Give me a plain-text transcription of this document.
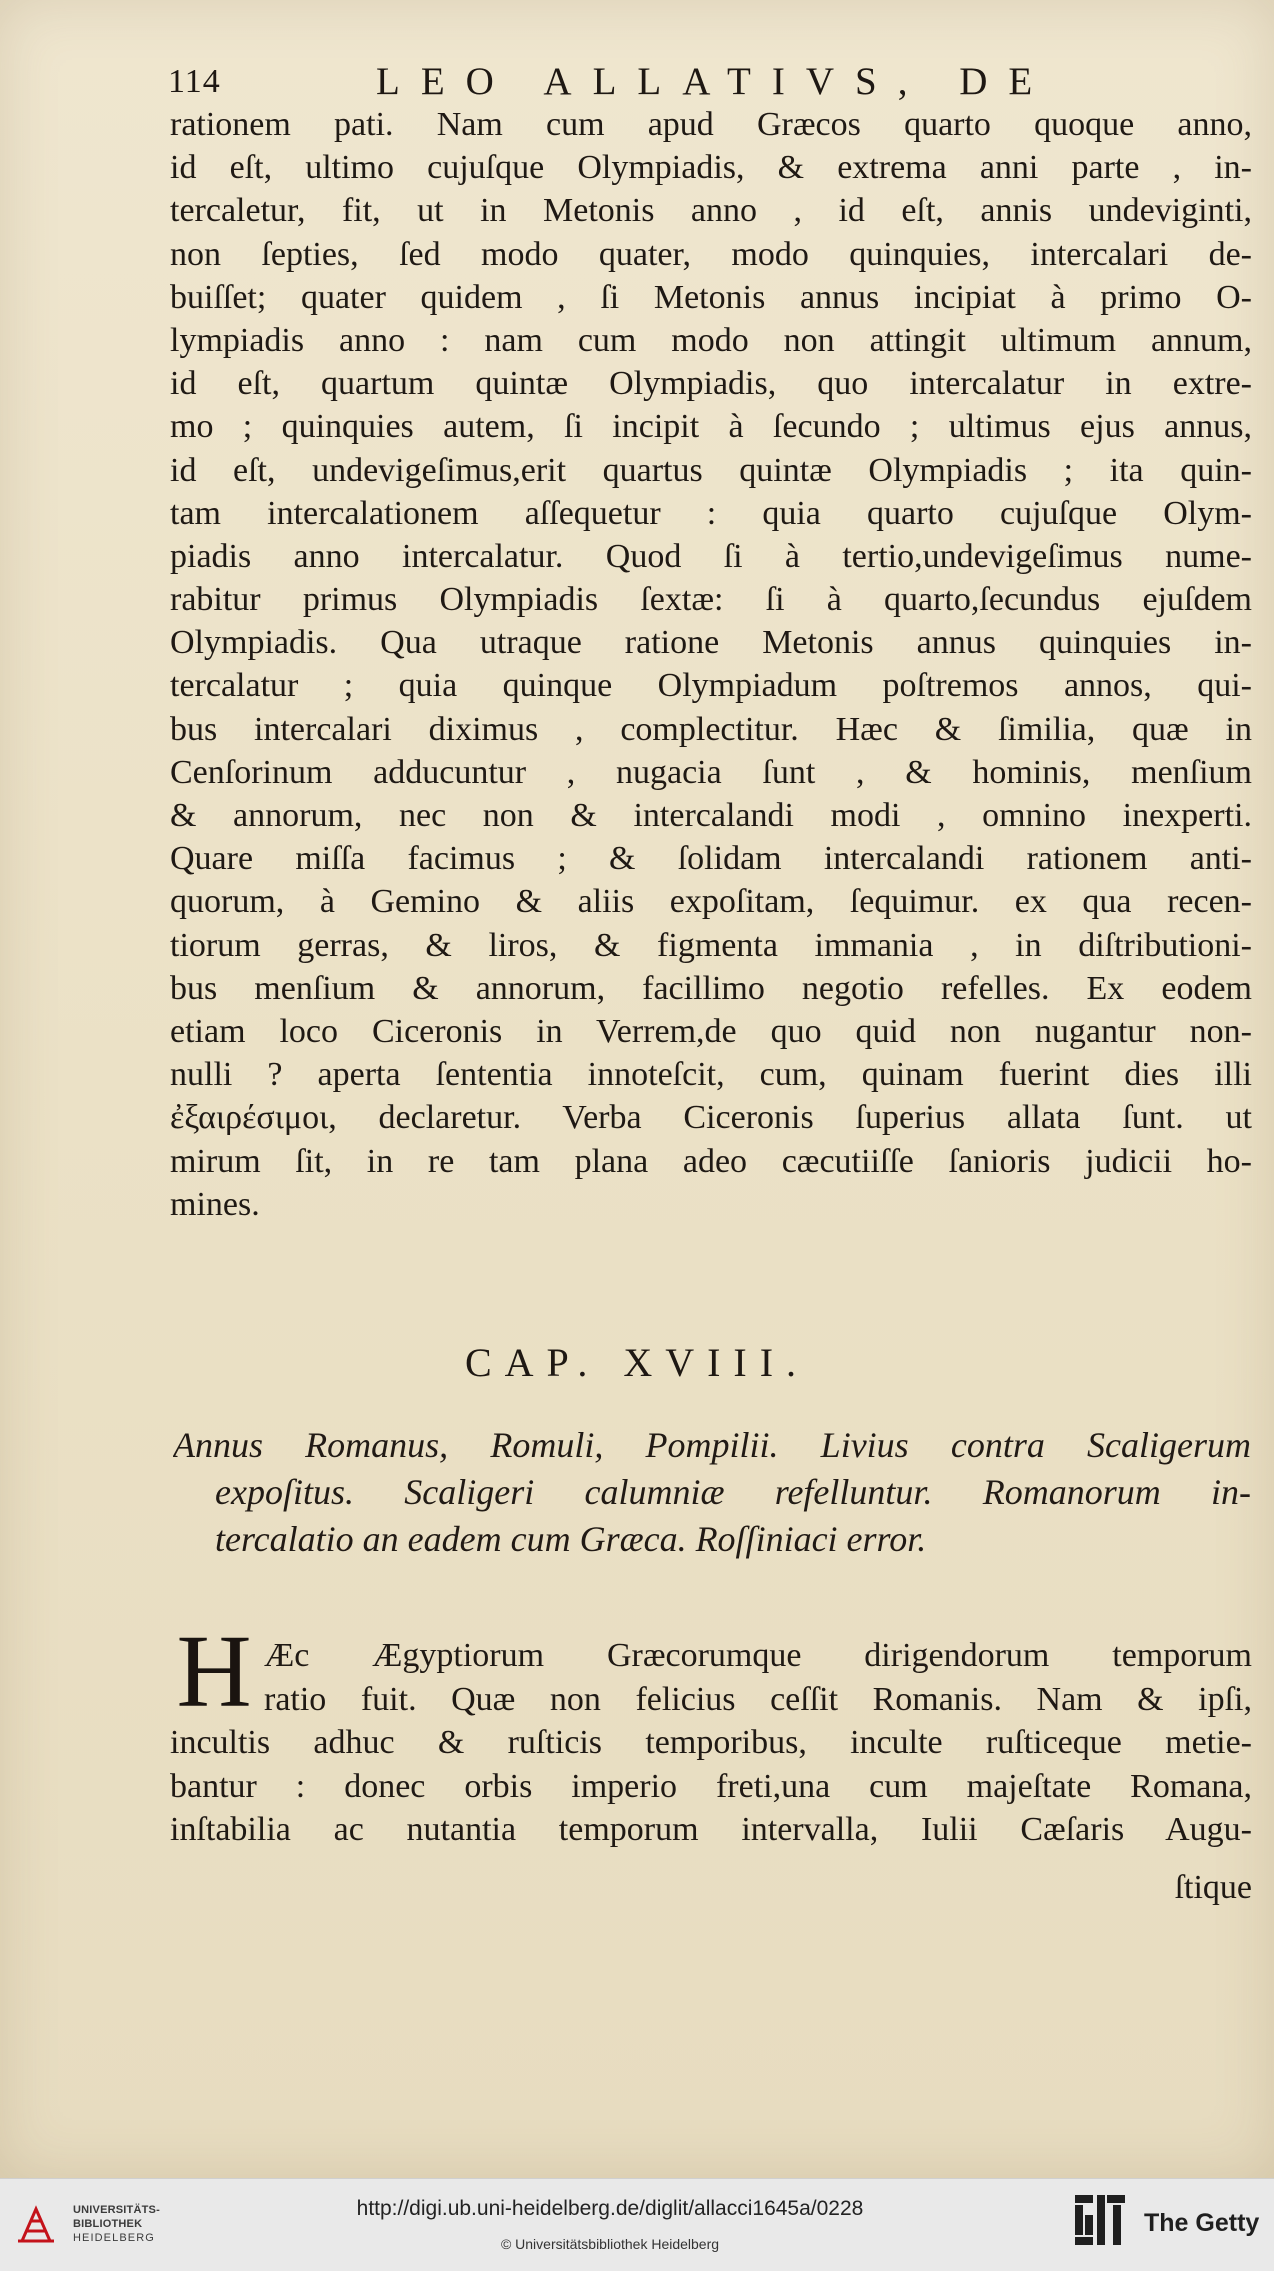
114	LEO ALLATIVS, DE
rationem pati. Nam cum apud Græcos quarto quoque anno,
id eſt, ultimo cujuſque Olympiadis, & extrema anni parte , in-
tercaletur, fit, ut in Metonis anno , id eſt, annis undeviginti,
non ſepties, ſed modo quater, modo quinquies, intercalari de-
buiſſet; quater quidem , ſi Metonis annus incipiat à primo O-
lympiadis anno : nam cum modo non attingit ultimum annum,
id eſt, quartum quintæ Olympiadis, quo intercalatur in extre-
mo ; quinquies autem, ſi incipit à ſecundo ; ultimus ejus annus,
id eſt, undevigeſimus,erit quartus quintæ Olympiadis ; ita quin-
tam intercalationem aſſequetur : quia quarto cujuſque Olym-
piadis anno intercalatur. Quod ſi à tertio,undevigeſimus nume-
rabitur primus Olympiadis ſextæ: ſi à quarto,ſecundus ejuſdem
Olympiadis. Qua utraque ratione Metonis annus quinquies in-
tercalatur ; quia quinque Olympiadum poſtremos annos, qui-
bus intercalari diximus , complectitur. Hæc & ſimilia, quæ in
Cenſorinum adducuntur , nugacia ſunt , & hominis, menſium
& annorum, nec non & intercalandi modi , omnino inexperti.
Quare miſſa facimus ; & ſolidam intercalandi rationem anti-
quorum, à Gemino & aliis expoſitam, ſequimur. ex qua recen-
tiorum gerras, & liros, & figmenta immania , in diſtributioni-
bus menſium & annorum, facillimo negotio refelles. Ex eodem
etiam loco Ciceronis in Verrem,de quo quid non nugantur non-
nulli ? aperta ſententia innoteſcit, cum, quinam fuerint dies illi
ἐξαιρέσιμοι, declaretur. Verba Ciceronis ſuperius allata ſunt. ut
mirum ſit, in re tam plana adeo cæcutiiſſe ſanioris judicii ho-
mines.
CAP. XVIII.
Annus Romanus, Romuli, Pompilii. Livius contra Scaligerum
expoſitus. Scaligeri calumniæ refelluntur. Romanorum in-
tercalatio an eadem cum Græca. Roſſiniaci error.
H Æc Ægyptiorum Græcorumque dirigendorum temporum
ratio fuit. Quæ non felicius ceſſit Romanis. Nam & ipſi,
incultis adhuc & ruſticis temporibus, inculte ruſticeque metie-
bantur : donec orbis imperio freti,una cum majeſtate Romana,
inſtabilia ac nutantia temporum intervalla, Iulii Cæſaris Augu-
ſtique
UNIVERSITÄTS-
BIBLIOTHEK
HEIDELBERG
http://digi.ub.uni-heidelberg.de/diglit/allacci1645a/0228
© Universitätsbibliothek Heidelberg
The Getty
